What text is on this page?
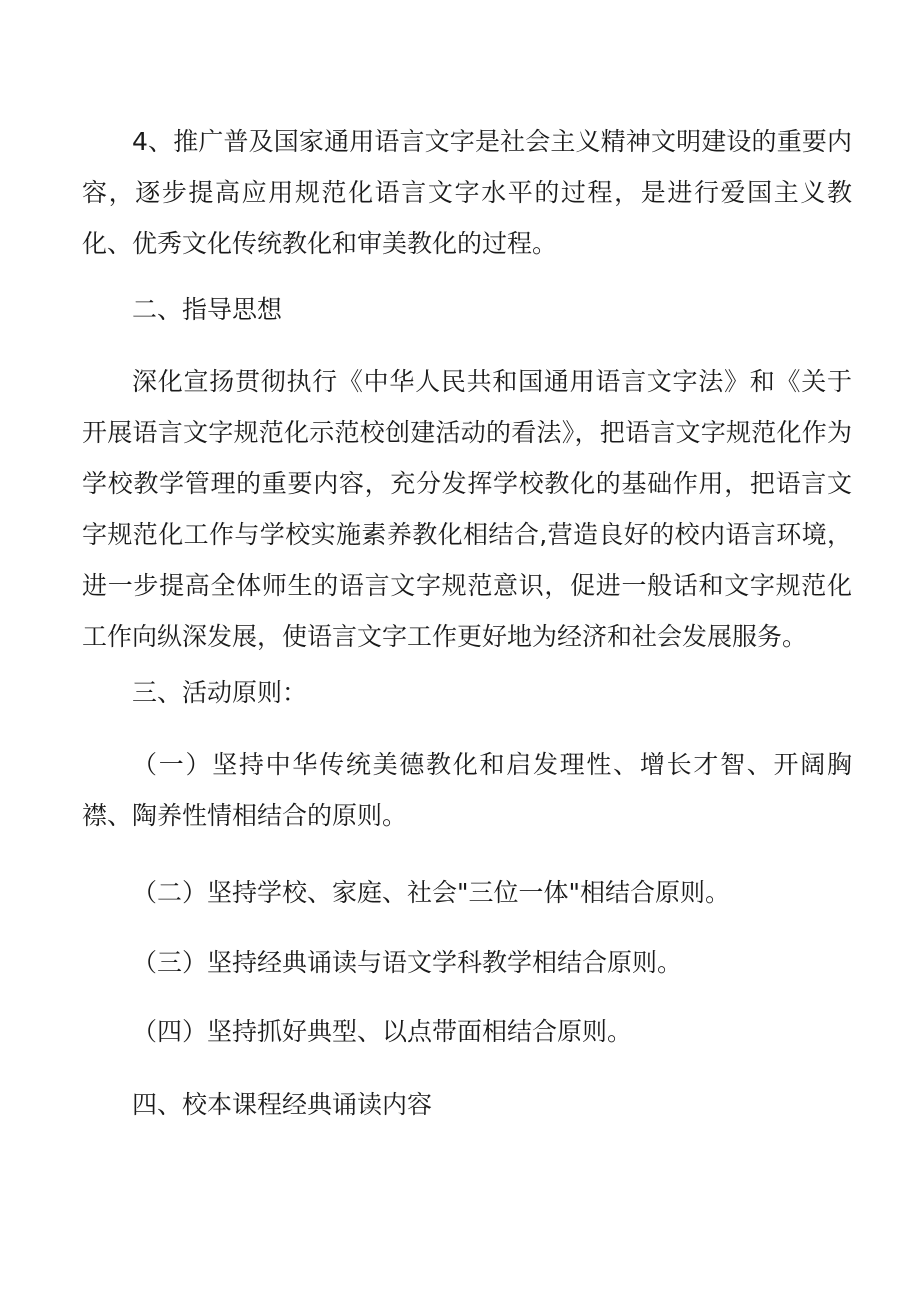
4、推广普及国家通用语言文字是社会主义精神文明建设的重要内容，逐步提高应用规范化语言文字水平的过程，是进行爱国主义教化、优秀文化传统教化和审美教化的过程。

二、指导思想

深化宣扬贯彻执行《中华人民共和国通用语言文字法》和《关于开展语言文字规范化示范校创建活动的看法》，把语言文字规范化作为学校教学管理的重要内容，充分发挥学校教化的基础作用，把语言文字规范化工作与学校实施素养教化相结合,营造良好的校内语言环境，进一步提高全体师生的语言文字规范意识，促进一般话和文字规范化工作向纵深发展，使语言文字工作更好地为经济和社会发展服务。

三、活动原则：

（一）坚持中华传统美德教化和启发理性、增长才智、开阔胸襟、陶养性情相结合的原则。

（二）坚持学校、家庭、社会"三位一体"相结合原则。

（三）坚持经典诵读与语文学科教学相结合原则。

（四）坚持抓好典型、以点带面相结合原则。

四、校本课程经典诵读内容
